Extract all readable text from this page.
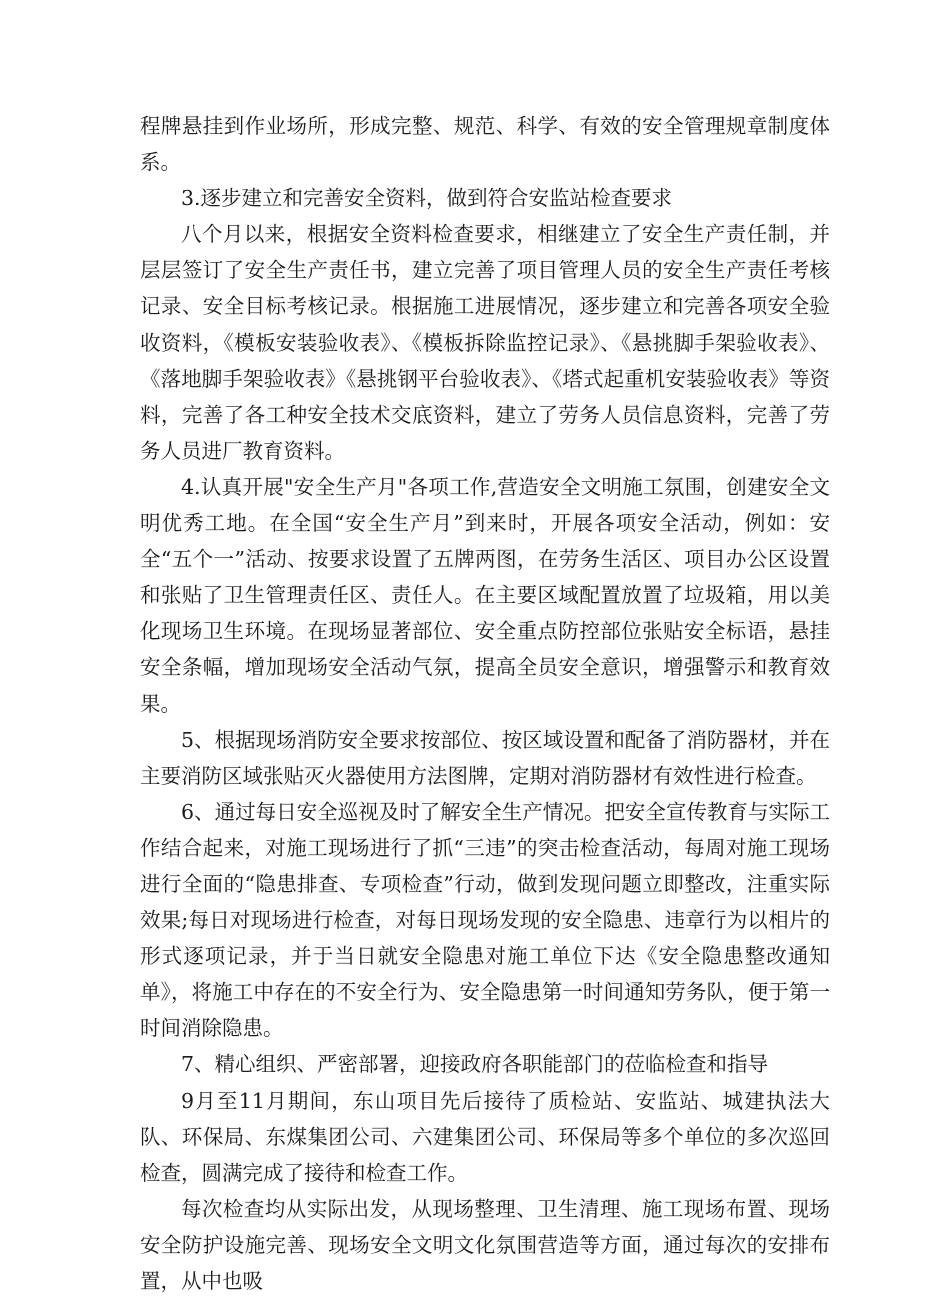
程牌悬挂到作业场所，形成完整、规范、科学、有效的安全管理规章制度体系。

3.逐步建立和完善安全资料，做到符合安监站检查要求

八个月以来，根据安全资料检查要求，相继建立了安全生产责任制，并层层签订了安全生产责任书，建立完善了项目管理人员的安全生产责任考核记录、安全目标考核记录。根据施工进展情况，逐步建立和完善各项安全验收资料，《模板安装验收表》、《模板拆除监控记录》、《悬挑脚手架验收表》、《落地脚手架验收表》《悬挑钢平台验收表》、《塔式起重机安装验收表》等资料，完善了各工种安全技术交底资料，建立了劳务人员信息资料，完善了劳务人员进厂教育资料。

4.认真开展"安全生产月"各项工作,营造安全文明施工氛围，创建安全文明优秀工地。在全国“安全生产月”到来时，开展各项安全活动，例如：安全“五个一”活动、按要求设置了五牌两图，在劳务生活区、项目办公区设置和张贴了卫生管理责任区、责任人。在主要区域配置放置了垃圾箱，用以美化现场卫生环境。在现场显著部位、安全重点防控部位张贴安全标语，悬挂安全条幅，增加现场安全活动气氛，提高全员安全意识，增强警示和教育效果。

5、根据现场消防安全要求按部位、按区域设置和配备了消防器材，并在主要消防区域张贴灭火器使用方法图牌，定期对消防器材有效性进行检查。

6、通过每日安全巡视及时了解安全生产情况。把安全宣传教育与实际工作结合起来，对施工现场进行了抓“三违”的突击检查活动，每周对施工现场进行全面的“隐患排查、专项检查”行动，做到发现问题立即整改，注重实际效果;每日对现场进行检查，对每日现场发现的安全隐患、违章行为以相片的形式逐项记录，并于当日就安全隐患对施工单位下达《安全隐患整改通知单》，将施工中存在的不安全行为、安全隐患第一时间通知劳务队，便于第一时间消除隐患。

7、精心组织、严密部署，迎接政府各职能部门的莅临检查和指导

9月至11月期间，东山项目先后接待了质检站、安监站、城建执法大队、环保局、东煤集团公司、六建集团公司、环保局等多个单位的多次巡回检查，圆满完成了接待和检查工作。

每次检查均从实际出发，从现场整理、卫生清理、施工现场布置、现场安全防护设施完善、现场安全文明文化氛围营造等方面，通过每次的安排布置，从中也吸
